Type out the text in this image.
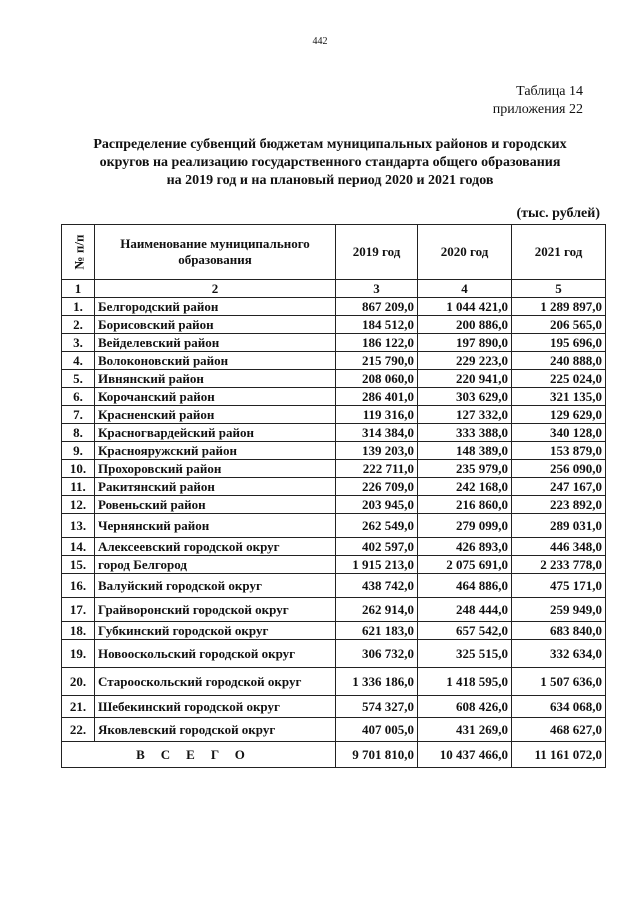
442
Таблица 14
приложения 22
Распределение субвенций бюджетам муниципальных районов и городских
округов на реализацию государственного стандарта общего образования
на 2019 год и на плановый период 2020 и 2021 годов
(тыс. рублей)
№ п/п	Наименование муниципального образования	2019 год	2020 год	2021 год
1	2	3	4	5
1.	Белгородский район	867 209,0	1 044 421,0	1 289 897,0
2.	Борисовский район	184 512,0	200 886,0	206 565,0
3.	Вейделевский район	186 122,0	197 890,0	195 696,0
4.	Волоконовский район	215 790,0	229 223,0	240 888,0
5.	Ивнянский район	208 060,0	220 941,0	225 024,0
6.	Корочанский район	286 401,0	303 629,0	321 135,0
7.	Красненский район	119 316,0	127 332,0	129 629,0
8.	Красногвардейский район	314 384,0	333 388,0	340 128,0
9.	Краснояружский район	139 203,0	148 389,0	153 879,0
10.	Прохоровский район	222 711,0	235 979,0	256 090,0
11.	Ракитянский район	226 709,0	242 168,0	247 167,0
12.	Ровеньский район	203 945,0	216 860,0	223 892,0
13.	Чернянский район	262 549,0	279 099,0	289 031,0
14.	Алексеевский городской округ	402 597,0	426 893,0	446 348,0
15.	город Белгород	1 915 213,0	2 075 691,0	2 233 778,0
16.	Валуйский городской округ	438 742,0	464 886,0	475 171,0
17.	Грайворонский городской округ	262 914,0	248 444,0	259 949,0
18.	Губкинский городской округ	621 183,0	657 542,0	683 840,0
19.	Новооскольский городской округ	306 732,0	325 515,0	332 634,0
20.	Старооскольский городской округ	1 336 186,0	1 418 595,0	1 507 636,0
21.	Шебекинский городской округ	574 327,0	608 426,0	634 068,0
22.	Яковлевский городской округ	407 005,0	431 269,0	468 627,0
ВСЕГО		9 701 810,0	10 437 466,0	11 161 072,0
